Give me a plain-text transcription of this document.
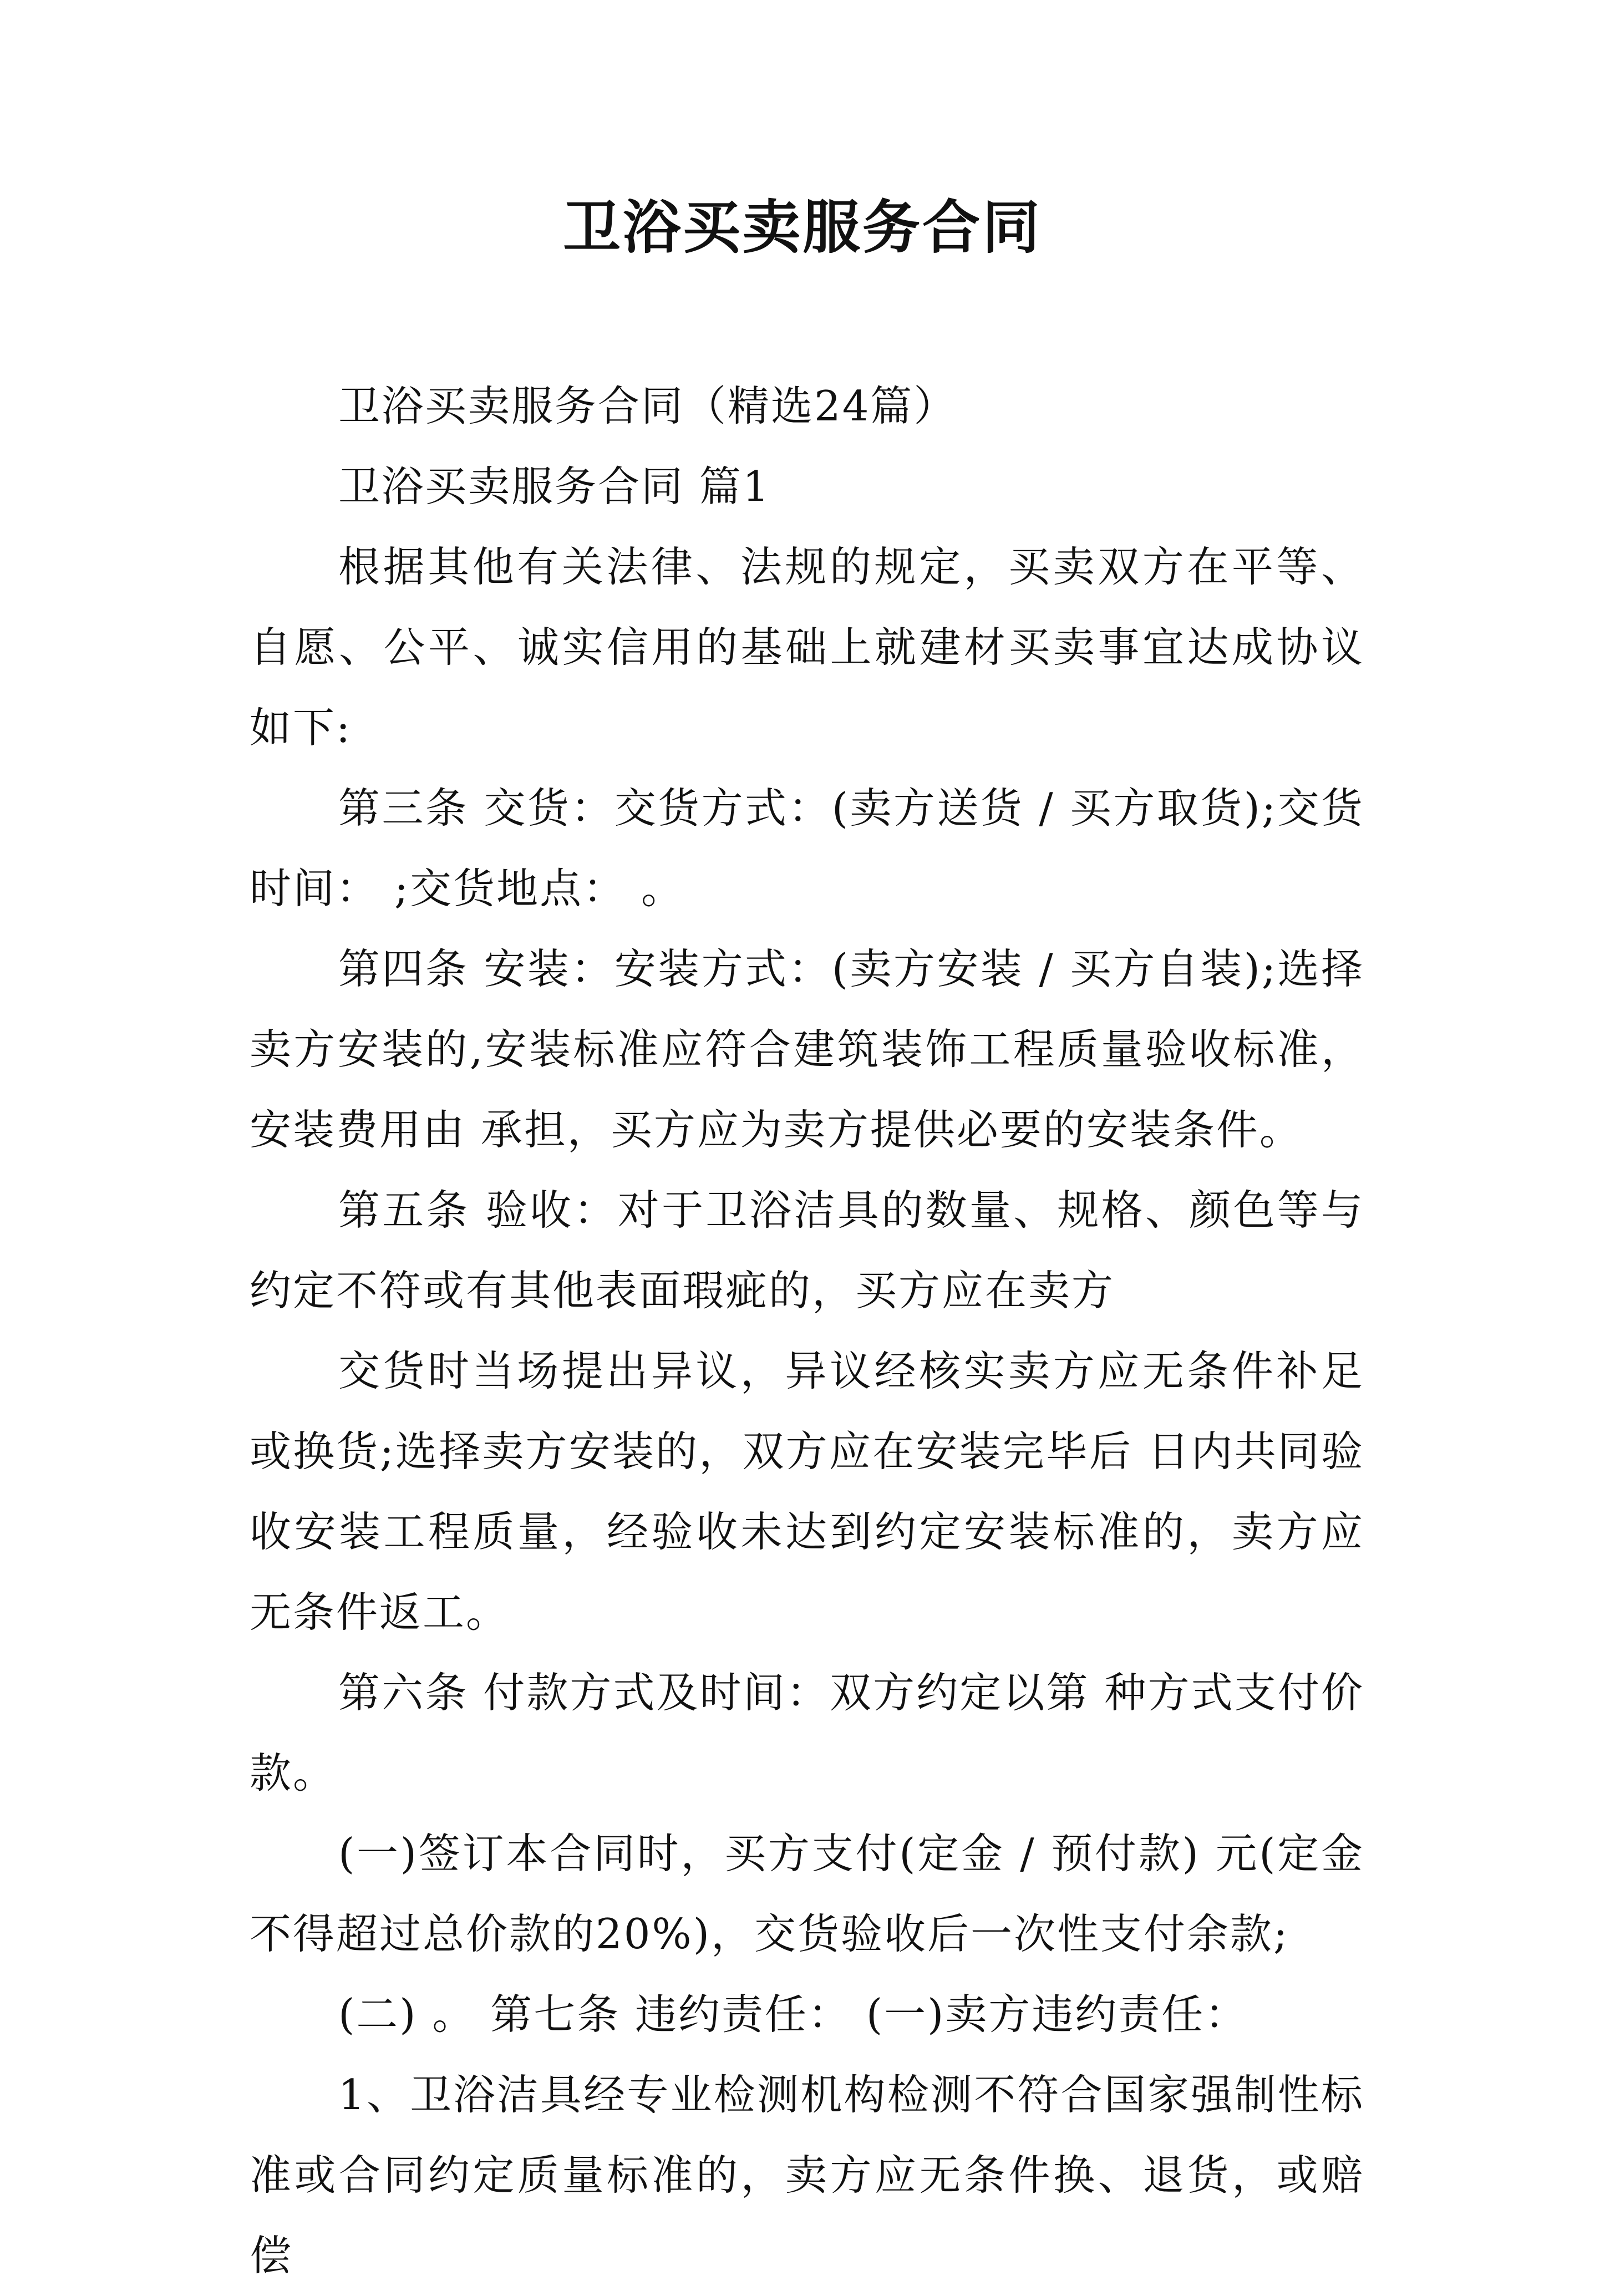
卫浴买卖服务合同

卫浴买卖服务合同（精选24篇）

卫浴买卖服务合同 篇1

根据其他有关法律、法规的规定，买卖双方在平等、自愿、公平、诚实信用的基础上就建材买卖事宜达成协议如下:

第三条 交货：交货方式：(卖方送货 / 买方取货);交货时间： ;交货地点： 。

第四条 安装：安装方式：(卖方安装 / 买方自装);选择卖方安装的,安装标准应符合建筑装饰工程质量验收标准，安装费用由 承担，买方应为卖方提供必要的安装条件。

第五条 验收：对于卫浴洁具的数量、规格、颜色等与约定不符或有其他表面瑕疵的，买方应在卖方

交货时当场提出异议，异议经核实卖方应无条件补足或换货;选择卖方安装的，双方应在安装完毕后 日内共同验收安装工程质量，经验收未达到约定安装标准的，卖方应无条件返工。

第六条 付款方式及时间：双方约定以第 种方式支付价款。

(一)签订本合同时，买方支付(定金 / 预付款) 元(定金不得超过总价款的20%)，交货验收后一次性支付余款;

(二) 。 第七条 违约责任： (一)卖方违约责任：

1、卫浴洁具经专业检测机构检测不符合国家强制性标准或合同约定质量标准的，卖方应无条件换、退货，或赔偿
